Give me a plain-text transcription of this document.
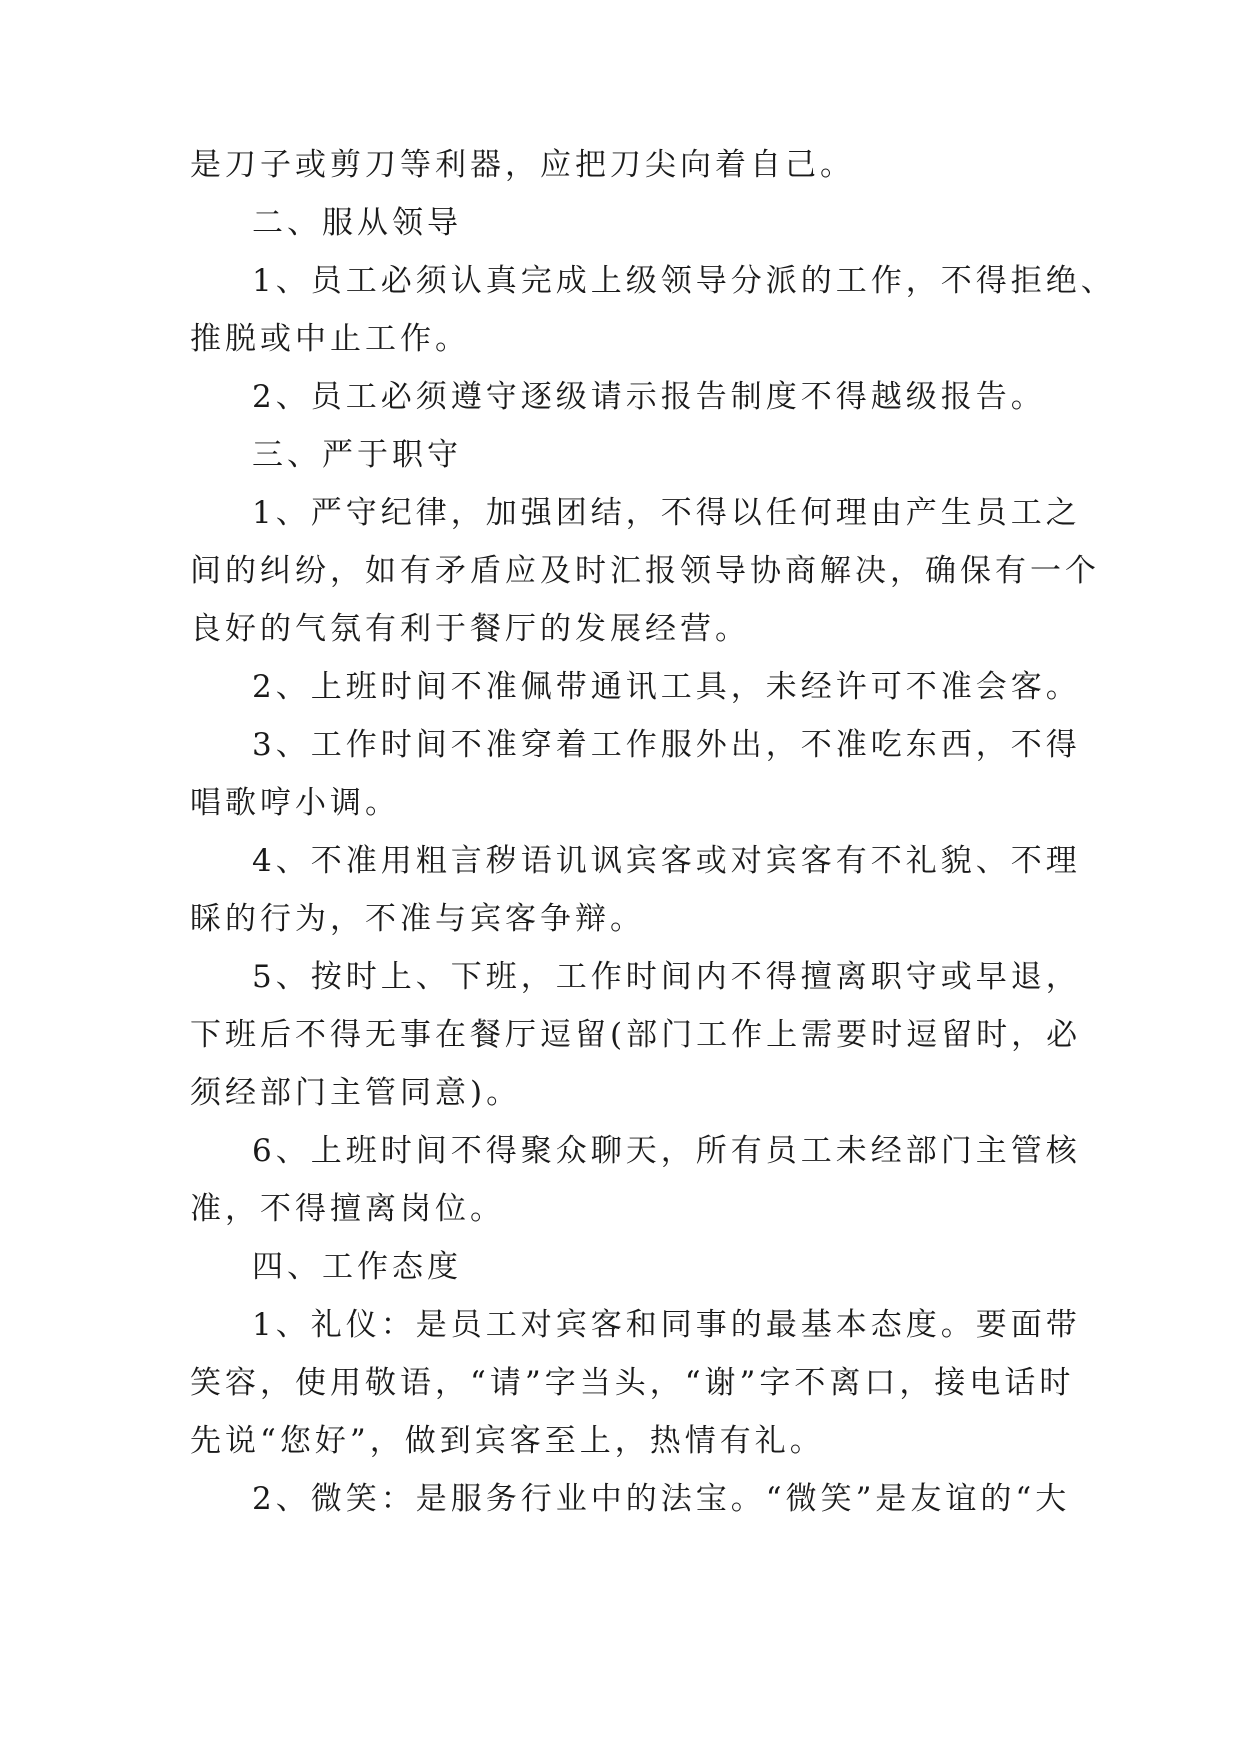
是刀子或剪刀等利器，应把刀尖向着自己。
二、服从领导
1、员工必须认真完成上级领导分派的工作，不得拒绝、
推脱或中止工作。
2、员工必须遵守逐级请示报告制度不得越级报告。
三、严于职守
1、严守纪律，加强团结，不得以任何理由产生员工之
间的纠纷，如有矛盾应及时汇报领导协商解决，确保有一个
良好的气氛有利于餐厅的发展经营。
2、上班时间不准佩带通讯工具，未经许可不准会客。
3、工作时间不准穿着工作服外出，不准吃东西，不得
唱歌哼小调。
4、不准用粗言秽语讥讽宾客或对宾客有不礼貌、不理
睬的行为，不准与宾客争辩。
5、按时上、下班，工作时间内不得擅离职守或早退，
下班后不得无事在餐厅逗留(部门工作上需要时逗留时，必
须经部门主管同意)。
6、上班时间不得聚众聊天，所有员工未经部门主管核
准，不得擅离岗位。
四、工作态度
1、礼仪：是员工对宾客和同事的最基本态度。要面带
笑容，使用敬语，“请”字当头，“谢”字不离口，接电话时
先说“您好”，做到宾客至上，热情有礼。
2、微笑：是服务行业中的法宝。“微笑”是友谊的“大
